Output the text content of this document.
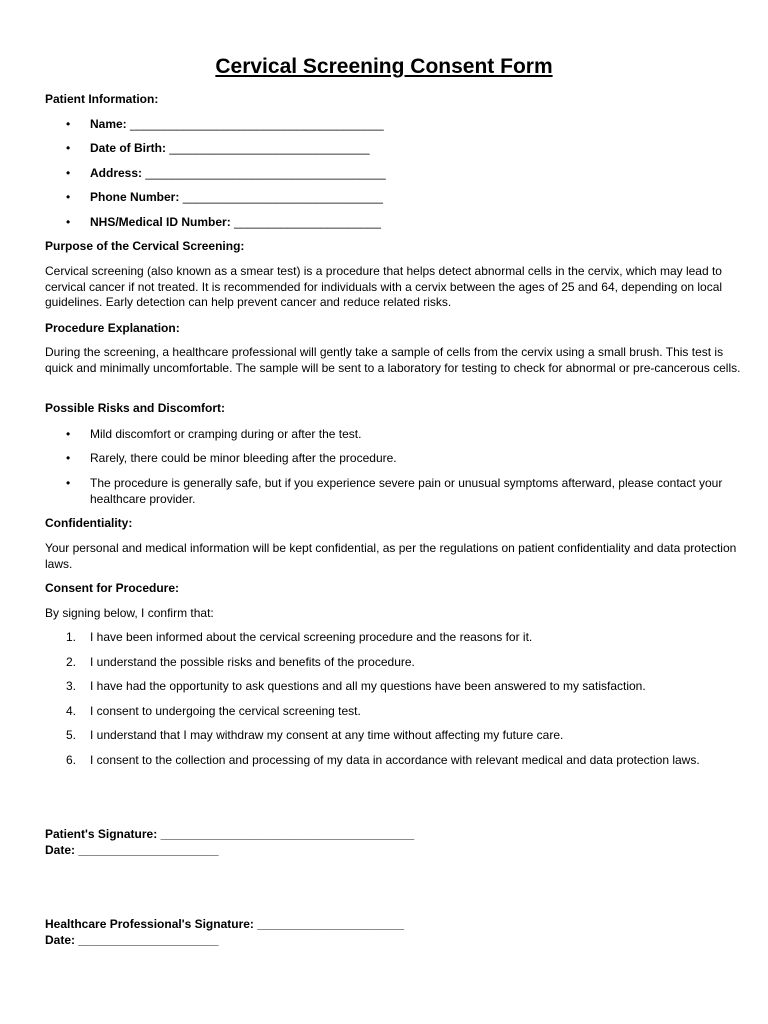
Cervical Screening Consent Form

Patient Information:

• Name: ______________________________________

• Date of Birth: ______________________________

• Address: ____________________________________

• Phone Number: ______________________________

• NHS/Medical ID Number: ______________________

Purpose of the Cervical Screening:

Cervical screening (also known as a smear test) is a procedure that helps detect abnormal cells in the cervix, which may lead to cervical cancer if not treated. It is recommended for individuals with a cervix between the ages of 25 and 64, depending on local guidelines. Early detection can help prevent cancer and reduce related risks.

Procedure Explanation:

During the screening, a healthcare professional will gently take a sample of cells from the cervix using a small brush. This test is quick and minimally uncomfortable. The sample will be sent to a laboratory for testing to check for abnormal or pre-cancerous cells.

Possible Risks and Discomfort:

• Mild discomfort or cramping during or after the test.

• Rarely, there could be minor bleeding after the procedure.

• The procedure is generally safe, but if you experience severe pain or unusual symptoms afterward, please contact your healthcare provider.

Confidentiality:

Your personal and medical information will be kept confidential, as per the regulations on patient confidentiality and data protection laws.

Consent for Procedure:

By signing below, I confirm that:

1. I have been informed about the cervical screening procedure and the reasons for it.

2. I understand the possible risks and benefits of the procedure.

3. I have had the opportunity to ask questions and all my questions have been answered to my satisfaction.

4. I consent to undergoing the cervical screening test.

5. I understand that I may withdraw my consent at any time without affecting my future care.

6. I consent to the collection and processing of my data in accordance with relevant medical and data protection laws.

Patient's Signature: ______________________________________

Date: _____________________

Healthcare Professional's Signature: ______________________

Date: _____________________
